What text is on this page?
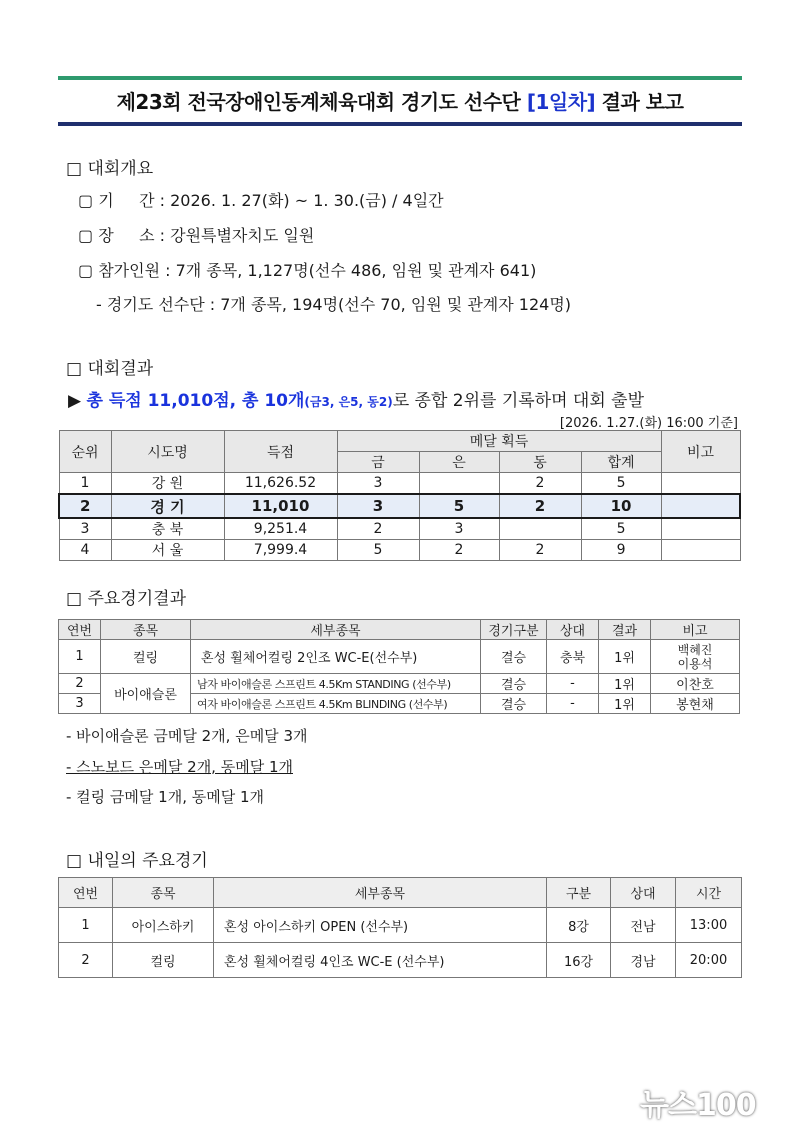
제23회 전국장애인동계체육대회 경기도 선수단 [1일차] 결과 보고
□ 대회개요
▢ 기     간 : 2026. 1. 27(화) ~ 1. 30.(금) / 4일간
▢ 장     소 : 강원특별자치도 일원
▢ 참가인원 : 7개 종목, 1,127명(선수 486, 임원 및 관계자 641)
- 경기도 선수단 : 7개 종목, 194명(선수 70, 임원 및 관계자 124명)
□ 대회결과
▶ 총 득점 11,010점, 총 10개(금3, 은5, 동2)로 종합 2위를 기록하며 대회 출발
[2026. 1.27.(화) 16:00 기준]
순위	시도명	득점	메달 획득				비고
			금	은	동	합계	
1	강 원	11,626.52	3		2	5	
2	경 기	11,010	3	5	2	10	
3	충 북	9,251.4	2	3		5	
4	서 울	7,999.4	5	2	2	9	
□ 주요경기결과
연번	종목	세부종목	경기구분	상대	결과	비고
1	컬링	혼성 휠체어컬링 2인조 WC-E(선수부)	결승	충북	1위	백혜진
이용석
2	바이애슬론	남자 바이애슬론 스프린트 4.5Km STANDING (선수부)	결승	-	1위	이찬호
3		여자 바이애슬론 스프린트 4.5Km BLINDING (선수부)	결승	-	1위	봉현채
- 바이애슬론 금메달 2개, 은메달 3개
- 스노보드 은메달 2개, 동메달 1개
- 컬링 금메달 1개, 동메달 1개
□ 내일의 주요경기
연번	종목	세부종목	구분	상대	시간
1	아이스하키	혼성 아이스하키 OPEN (선수부)	8강	전남	13:00
2	컬링	혼성 휠체어컬링 4인조 WC-E (선수부)	16강	경남	20:00
뉴스100
